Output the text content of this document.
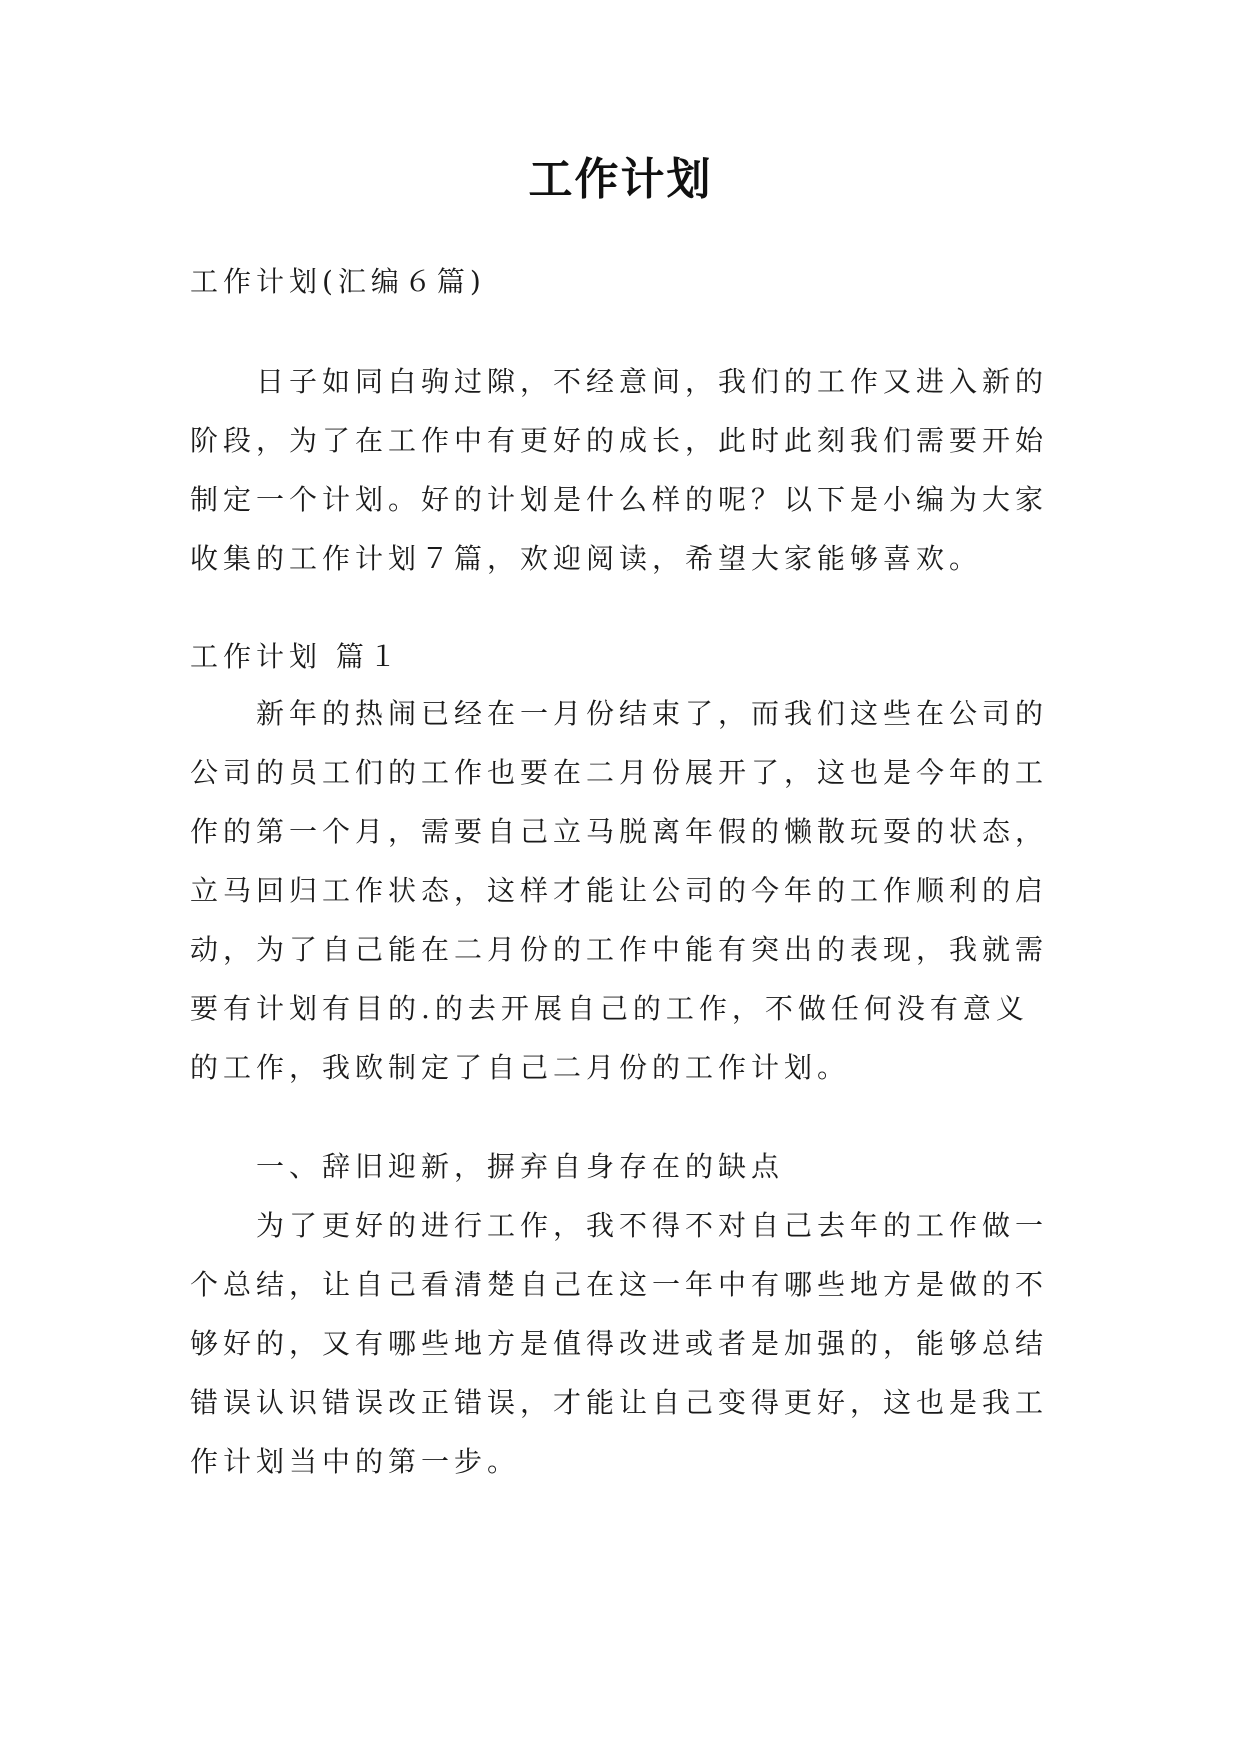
工作计划
工作计划(汇编６篇)
日子如同白驹过隙，不经意间，我们的工作又进入新的
阶段，为了在工作中有更好的成长，此时此刻我们需要开始
制定一个计划。好的计划是什么样的呢？以下是小编为大家
收集的工作计划７篇，欢迎阅读，希望大家能够喜欢。
工作计划 篇１
新年的热闹已经在一月份结束了，而我们这些在公司的
公司的员工们的工作也要在二月份展开了，这也是今年的工
作的第一个月，需要自己立马脱离年假的懒散玩耍的状态，
立马回归工作状态，这样才能让公司的今年的工作顺利的启
动，为了自己能在二月份的工作中能有突出的表现，我就需
要有计划有目的.的去开展自己的工作，不做任何没有意义
的工作，我欧制定了自己二月份的工作计划。
一、辞旧迎新，摒弃自身存在的缺点
为了更好的进行工作，我不得不对自己去年的工作做一
个总结，让自己看清楚自己在这一年中有哪些地方是做的不
够好的，又有哪些地方是值得改进或者是加强的，能够总结
错误认识错误改正错误，才能让自己变得更好，这也是我工
作计划当中的第一步。
